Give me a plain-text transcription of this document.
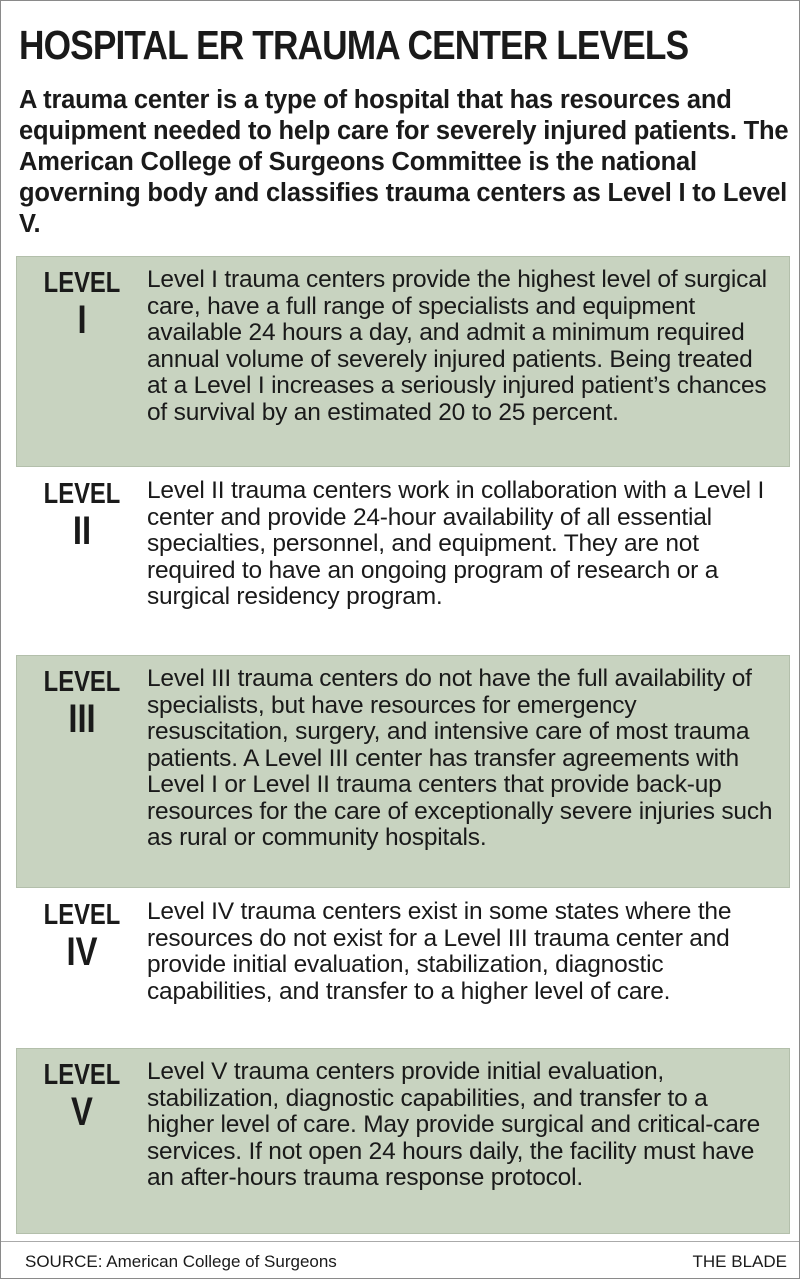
HOSPITAL ER TRAUMA CENTER LEVELS

A trauma center is a type of hospital that has resources and equipment needed to help care for severely injured patients. The American College of Surgeons Committee is the national governing body and classifies trauma centers as Level I to Level V.

LEVEL
I

Level I trauma centers provide the highest level of surgical care, have a full range of specialists and equipment available 24 hours a day, and admit a minimum required annual volume of severely injured patients. Being treated at a Level I increases a seriously injured patient’s chances of survival by an estimated 20 to 25 percent.

LEVEL
II

Level II trauma centers work in collaboration with a Level I center and provide 24-hour availability of all essential specialties, personnel, and equipment. They are not required to have an ongoing program of research or a surgical residency program.

LEVEL
III

Level III trauma centers do not have the full availability of specialists, but have resources for emergency resuscitation, surgery, and intensive care of most trauma patients. A Level III center has transfer agreements with Level I or Level II trauma centers that provide back-up resources for the care of exceptionally severe injuries such as rural or community hospitals.

LEVEL
IV

Level IV trauma centers exist in some states where the resources do not exist for a Level III trauma center and provide initial evaluation, stabilization, diagnostic capabilities, and transfer to a higher level of care.

LEVEL
V

Level V trauma centers provide initial evaluation, stabilization, diagnostic capabilities, and transfer to a higher level of care. May provide surgical and critical-care services. If not open 24 hours daily, the facility must have an after-hours trauma response protocol.

SOURCE: American College of Surgeons	THE BLADE
